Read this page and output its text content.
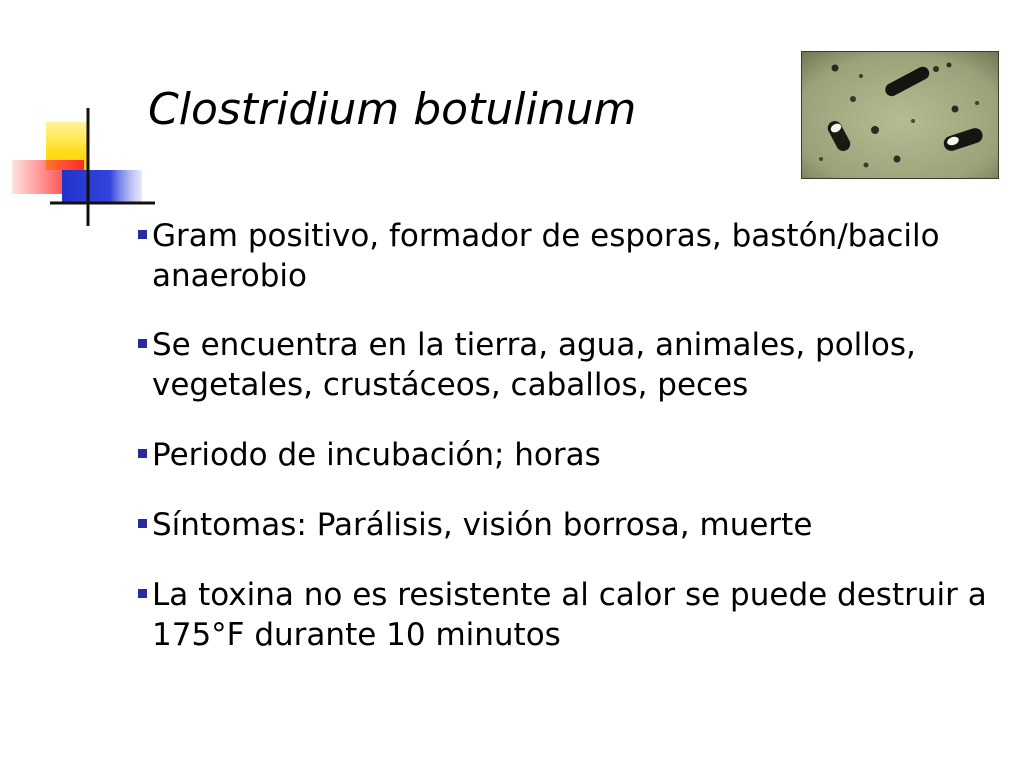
Clostridium botulinum
Gram positivo, formador de esporas, bastón/bacilo anaerobio
Se encuentra en la tierra, agua, animales, pollos, vegetales, crustáceos, caballos, peces
Periodo de incubación; horas
Síntomas: Parálisis, visión borrosa, muerte
La toxina no es resistente al calor se puede destruir a 175°F durante 10 minutos
